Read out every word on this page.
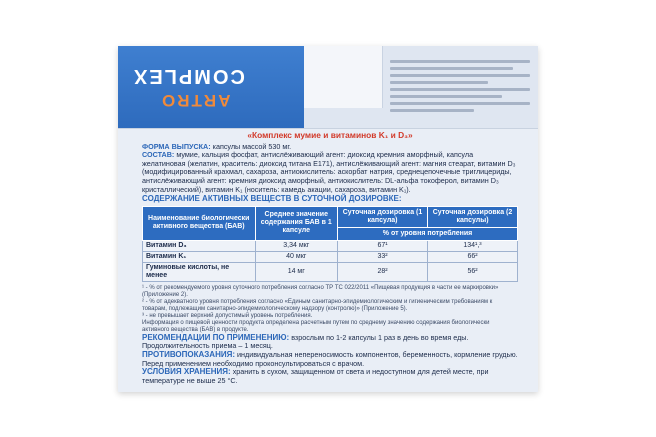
COMPLEX
ARTRO
«Комплекс мумие и витаминов K₁ и D₃»

ФОРМА ВЫПУСКА: капсулы массой 530 мг.

СОСТАВ: мумие, кальция фосфат, антислёживающий агент: диоксид кремния аморфный, капсула желатиновая (желатин, краситель: диоксид титана E171), антислёживающий агент: магния стеарат, витамин D₃ (модифицированный крахмал, сахароза, антиокислитель: аскорбат натрия, среднецепочечные триглицериды, антислёживающий агент: кремния диоксид аморфный, антиокислитель: DL-альфа токоферол, витамин D₃ кристаллический), витамин K₁ (носитель: камедь акации, сахароза, витамин K₁).

СОДЕРЖАНИЕ АКТИВНЫХ ВЕЩЕСТВ В СУТОЧНОЙ ДОЗИРОВКЕ:
Наименование биологически активного вещества (БАВ)	Среднее значение содержания БАВ в 1 капсуле	Суточная дозировка (1 капсула)	Суточная дозировка (2 капсулы)
		% от уровня потребления	
Витамин D₃	3,34 мкг	67¹	134¹,³
Витамин K₁	40 мкг	33²	66²
Гуминовые кислоты, не менее	14 мг	28²	56²
¹ - % от рекомендуемого уровня суточного потребления согласно ТР ТС 022/2011 «Пищевая продукция в части ее маркировки» (Приложение 2).
² - % от адекватного уровня потребления согласно «Единым санитарно-эпидемиологическим и гигиеническим требованиям к товарам, подлежащим санитарно-эпидемиологическому надзору (контролю)» (Приложение 5).
³ - не превышает верхний допустимый уровень потребления.
Информация о пищевой ценности продукта определена расчетным путем по среднему значению содержания биологически активного вещества (БАВ) в продукте.

РЕКОМЕНДАЦИИ ПО ПРИМЕНЕНИЮ: взрослым по 1-2 капсулы 1 раз в день во время еды.

Продолжительность приема – 1 месяц.

ПРОТИВОПОКАЗАНИЯ: индивидуальная непереносимость компонентов, беременность, кормление грудью. Перед применением необходимо проконсультироваться с врачом.

УСЛОВИЯ ХРАНЕНИЯ: хранить в сухом, защищенном от света и недоступном для детей месте, при температуре не выше 25 °С.
